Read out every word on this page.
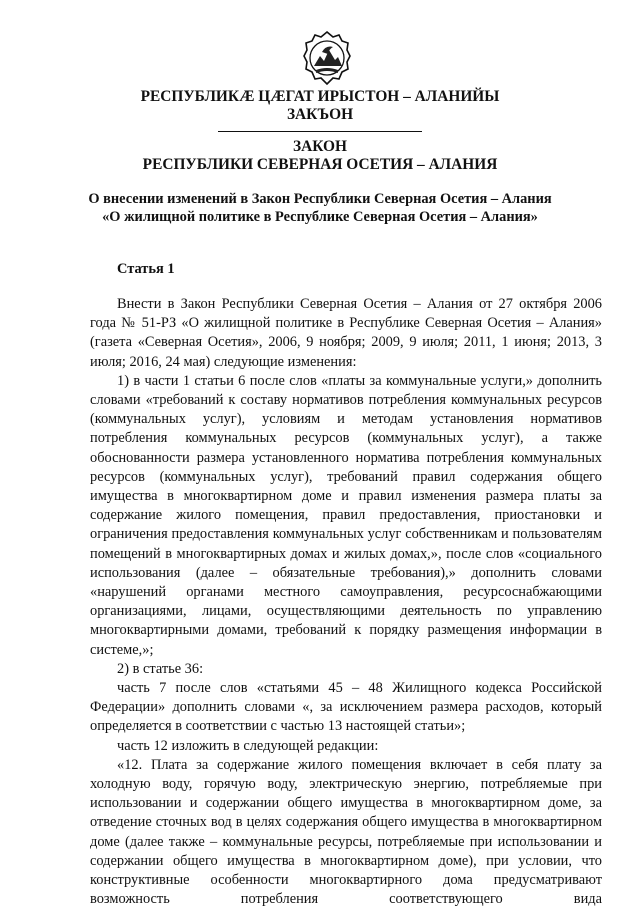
РЕСПУБЛИКӔ ЦӔГАТ ИРЫСТОН – АЛАНИЙЫ

ЗАКЪОН

ЗАКОН

РЕСПУБЛИКИ СЕВЕРНАЯ ОСЕТИЯ – АЛАНИЯ

О внесении изменений в Закон Республики Северная Осетия – Алания

«О жилищной политике в Республике Северная Осетия – Алания»

Статья 1

Внести в Закон Республики Северная Осетия – Алания от 27 октября 2006 года № 51-РЗ «О жилищной политике в Республике Северная Осетия – Алания» (газета «Северная Осетия», 2006, 9 ноября; 2009, 9 июля; 2011, 1 июня; 2013, 3 июля; 2016, 24 мая) следующие изменения:

1) в части 1 статьи 6 после слов «платы за коммунальные услуги,» дополнить словами «требований к составу нормативов потребления коммунальных ресурсов (коммунальных услуг), условиям и методам установления нормативов потребления коммунальных ресурсов (коммунальных услуг), а также обоснованности размера установленного норматива потребления коммунальных ресурсов (коммунальных услуг), требований правил содержания общего имущества в многоквартирном доме и правил изменения размера платы за содержание жилого помещения, правил предоставления, приостановки и ограничения предоставления коммунальных услуг собственникам и пользователям помещений в многоквартирных домах и жилых домах,», после слов «социального использования (далее – обязательные требования),» дополнить словами «нарушений органами местного самоуправления, ресурсоснабжающими организациями, лицами, осуществляющими деятельность по управлению многоквартирными домами, требований к порядку размещения информации в системе,»;

2) в статье 36:

часть 7 после слов «статьями 45 – 48 Жилищного кодекса Российской Федерации» дополнить словами «, за исключением размера расходов, который определяется в соответствии с частью 13 настоящей статьи»;

часть 12 изложить в следующей редакции:

«12. Плата за содержание жилого помещения включает в себя плату за холодную воду, горячую воду, электрическую энергию, потребляемые при использовании и содержании общего имущества в многоквартирном доме, за отведение сточных вод в целях содержания общего имущества в многоквартирном доме (далее также – коммунальные ресурсы, потребляемые при использовании и содержании общего имущества в многоквартирном доме), при условии, что конструктивные особенности многоквартирного дома предусматривают возможность потребления соответствующего вида
